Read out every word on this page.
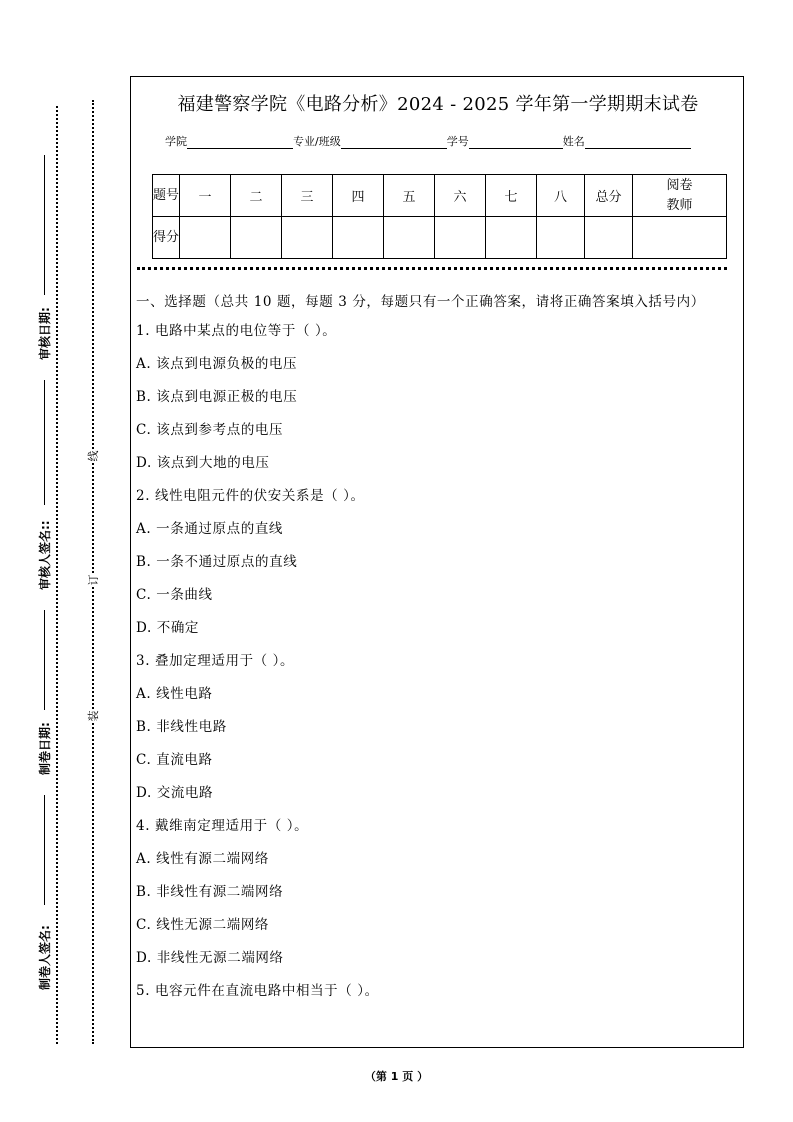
审核日期:
审核人签名::
制卷日期:
制卷人签名:
线
订
装
福建警察学院《电路分析》2024 - 2025 学年第一学期期末试卷
学院	专业/班级	学号	姓名
题号	一	二	三	四	五	六	七	八	总分	阅卷
教师

得分										

一、选择题（总共 10 题，每题 3 分，每题只有一个正确答案，请将正确答案填入括号内）

1. 电路中某点的电位等于（ ）。
A. 该点到电源负极的电压
B. 该点到电源正极的电压
C. 该点到参考点的电压
D. 该点到大地的电压
2. 线性电阻元件的伏安关系是（ ）。
A. 一条通过原点的直线
B. 一条不通过原点的直线
C. 一条曲线
D. 不确定
3. 叠加定理适用于（ ）。
A. 线性电路
B. 非线性电路
C. 直流电路
D. 交流电路
4. 戴维南定理适用于（ ）。
A. 线性有源二端网络
B. 非线性有源二端网络
C. 线性无源二端网络
D. 非线性无源二端网络
5. 电容元件在直流电路中相当于（ ）。
（第 1 页 ）
